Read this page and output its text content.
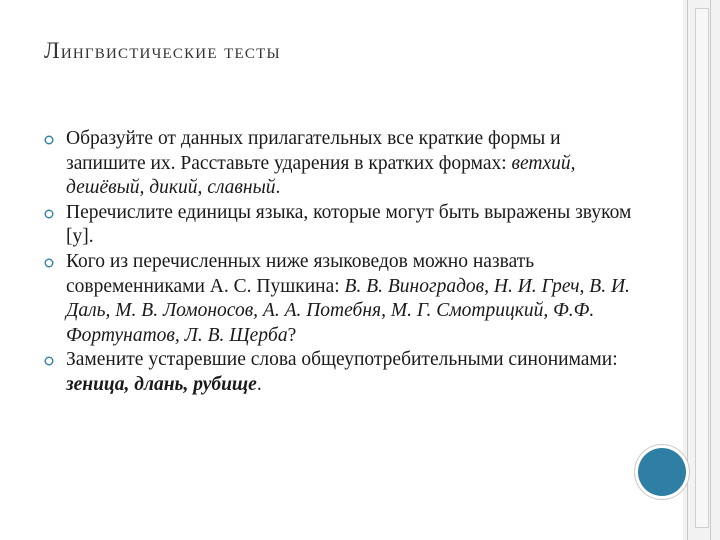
Лингвистические тесты
Образуйте от данных прилагательных все краткие формы и запишите их. Расставьте ударения в кратких формах: ветхий, дешёвый, дикий, славный.
Перечислите единицы языка, которые могут быть выражены звуком [у].
Кого из перечисленных ниже языковедов можно назвать современниками А. С. Пушкина: В. В. Виноградов, Н. И. Греч, В. И. Даль, М. В. Ломоносов, А. А. Потебня, М. Г. Смотрицкий, Ф.Ф. Фортунатов, Л. В. Щерба?
Замените устаревшие слова общеупотребительными синонимами: зеница, длань, рубище.
